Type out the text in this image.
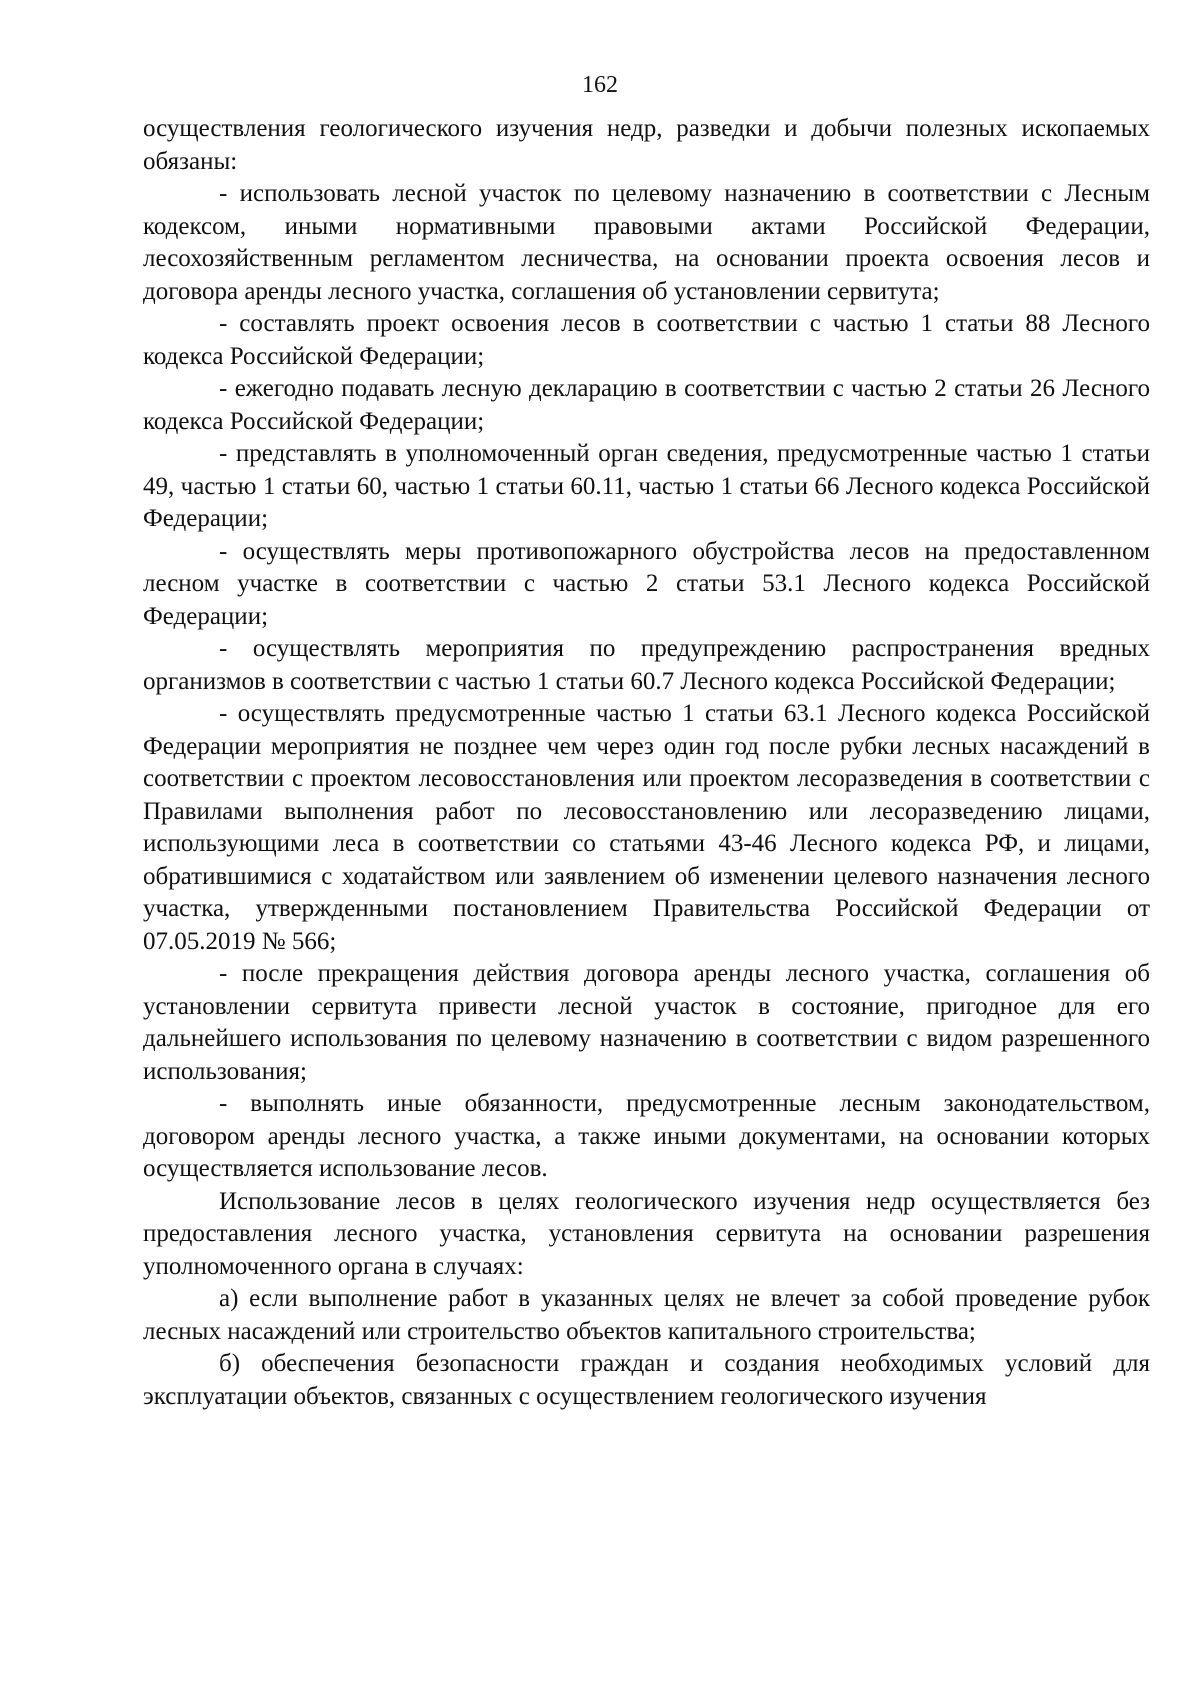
162

осуществления геологического изучения недр, разведки и добычи полезных ископаемых обязаны:

- использовать лесной участок по целевому назначению в соответствии с Лесным кодексом, иными нормативными правовыми актами Российской Федерации, лесохозяйственным регламентом лесничества, на основании проекта освоения лесов и договора аренды лесного участка, соглашения об установлении сервитута;

- составлять проект освоения лесов в соответствии с частью 1 статьи 88 Лесного кодекса Российской Федерации;

- ежегодно подавать лесную декларацию в соответствии с частью 2 статьи 26 Лесного кодекса Российской Федерации;

- представлять в уполномоченный орган сведения, предусмотренные частью 1 статьи 49, частью 1 статьи 60, частью 1 статьи 60.11, частью 1 статьи 66 Лесного кодекса Российской Федерации;

- осуществлять меры противопожарного обустройства лесов на предоставленном лесном участке в соответствии с частью 2 статьи 53.1 Лесного кодекса Российской Федерации;

- осуществлять мероприятия по предупреждению распространения вредных организмов в соответствии с частью 1 статьи 60.7 Лесного кодекса Российской Федерации;

- осуществлять предусмотренные частью 1 статьи 63.1 Лесного кодекса Российской Федерации мероприятия не позднее чем через один год после рубки лесных насаждений в соответствии с проектом лесовосстановления или проектом лесоразведения в соответствии с Правилами выполнения работ по лесовосстановлению или лесоразведению лицами, использующими леса в соответствии со статьями 43-46 Лесного кодекса РФ, и лицами, обратившимися с ходатайством или заявлением об изменении целевого назначения лесного участка, утвержденными постановлением Правительства Российской Федерации от 07.05.2019 № 566;

- после прекращения действия договора аренды лесного участка, соглашения об установлении сервитута привести лесной участок в состояние, пригодное для его дальнейшего использования по целевому назначению в соответствии с видом разрешенного использования;

- выполнять иные обязанности, предусмотренные лесным законодательством, договором аренды лесного участка, а также иными документами, на основании которых осуществляется использование лесов.

Использование лесов в целях геологического изучения недр осуществляется без предоставления лесного участка, установления сервитута на основании разрешения уполномоченного органа в случаях:

а) если выполнение работ в указанных целях не влечет за собой проведение рубок лесных насаждений или строительство объектов капитального строительства;

б) обеспечения безопасности граждан и создания необходимых условий для эксплуатации объектов, связанных с осуществлением геологического изучения
